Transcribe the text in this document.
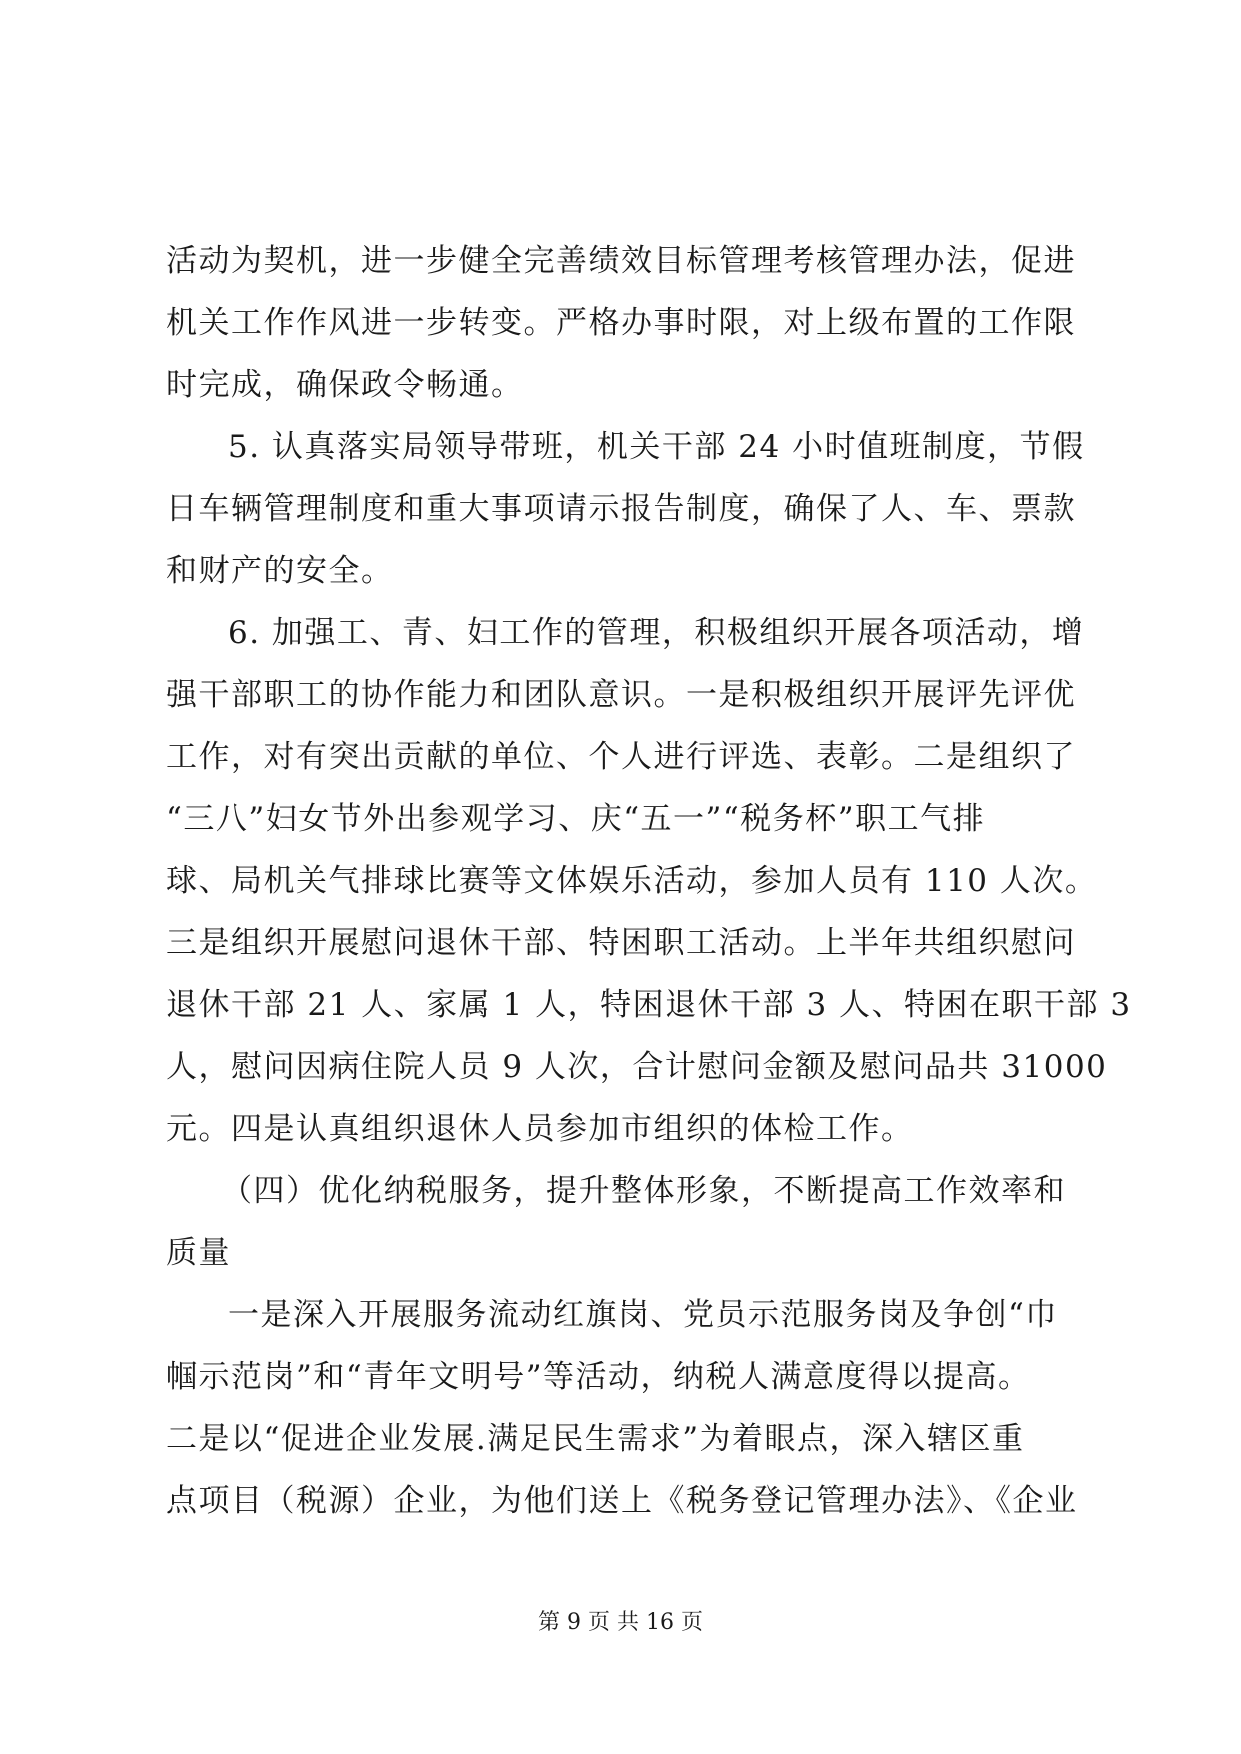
活动为契机，进一步健全完善绩效目标管理考核管理办法，促进
机关工作作风进一步转变。严格办事时限，对上级布置的工作限
时完成，确保政令畅通。
5. 认真落实局领导带班，机关干部 24 小时值班制度，节假
日车辆管理制度和重大事项请示报告制度，确保了人、车、票款
和财产的安全。
6. 加强工、青、妇工作的管理，积极组织开展各项活动，增
强干部职工的协作能力和团队意识。一是积极组织开展评先评优
工作，对有突出贡献的单位、个人进行评选、表彰。二是组织了
“三八”妇女节外出参观学习、庆“五一”“税务杯”职工气排
球、局机关气排球比赛等文体娱乐活动，参加人员有 110 人次。
三是组织开展慰问退休干部、特困职工活动。上半年共组织慰问
退休干部 21 人、家属 1 人，特困退休干部 3 人、特困在职干部 3
人，慰问因病住院人员 9 人次，合计慰问金额及慰问品共 31000
元。四是认真组织退休人员参加市组织的体检工作。
（四）优化纳税服务，提升整体形象，不断提高工作效率和
质量
一是深入开展服务流动红旗岗、党员示范服务岗及争创“巾
帼示范岗”和“青年文明号”等活动，纳税人满意度得以提高。
二是以“促进企业发展.满足民生需求”为着眼点，深入辖区重
点项目（税源）企业，为他们送上《税务登记管理办法》、《企业
第 9 页 共 16 页
